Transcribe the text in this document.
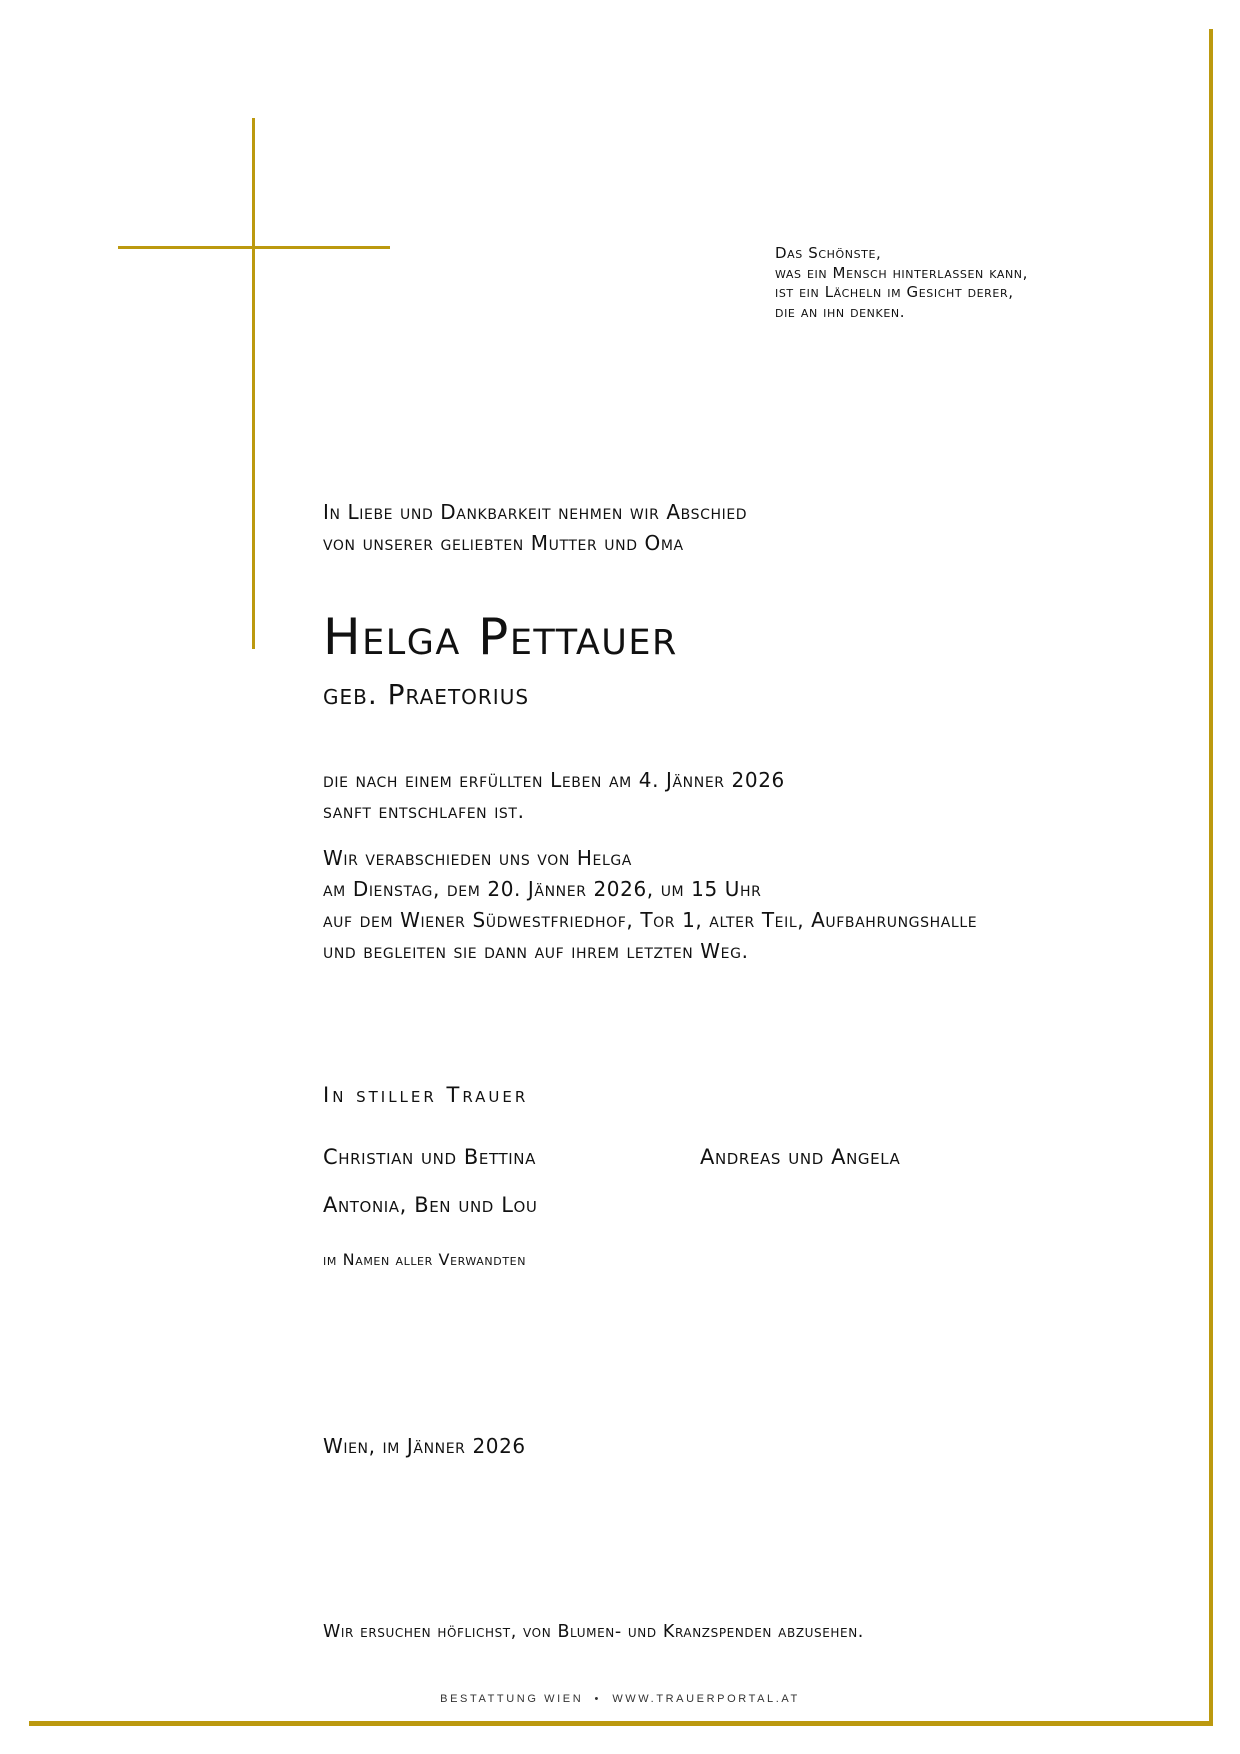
Das Schönste,
was ein Mensch hinterlassen kann,
ist ein Lächeln im Gesicht derer,
die an ihn denken.
In Liebe und Dankbarkeit nehmen wir Abschied
von unserer geliebten Mutter und Oma
Helga Pettauer
geb. Praetorius
die nach einem erfüllten Leben am 4. Jänner 2026
sanft entschlafen ist.
Wir verabschieden uns von Helga
am Dienstag, dem 20. Jänner 2026, um 15 Uhr
auf dem Wiener Südwestfriedhof, Tor 1, alter Teil, Aufbahrungshalle
und begleiten sie dann auf ihrem letzten Weg.
In stiller Trauer
Christian und Bettina	Andreas und Angela
Antonia, Ben und Lou
im Namen aller Verwandten
Wien, im Jänner 2026
Wir ersuchen höflichst, von Blumen- und Kranzspenden abzusehen.
BESTATTUNG WIEN  •  WWW.TRAUERPORTAL.AT
